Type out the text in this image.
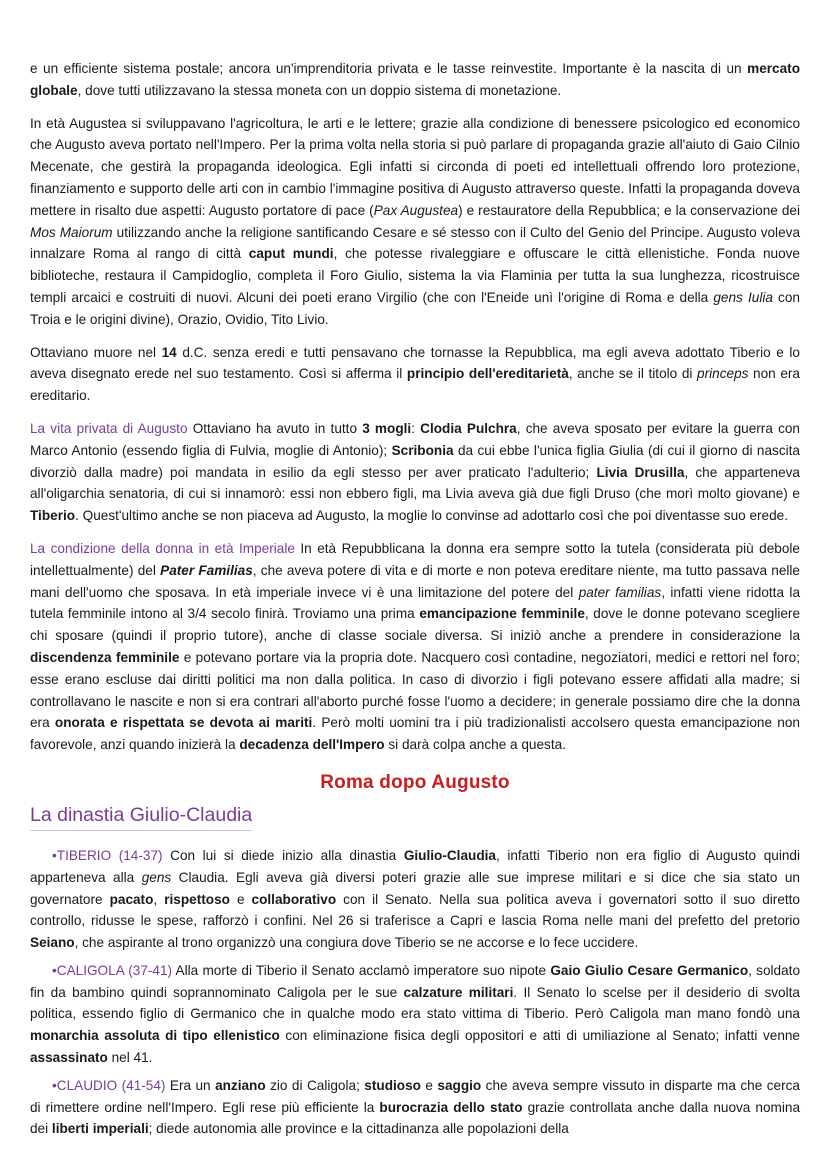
e un efficiente sistema postale; ancora un'imprenditoria privata e le tasse reinvestite. Importante è la nascita di un mercato globale, dove tutti utilizzavano la stessa moneta con un doppio sistema di monetazione.

In età Augustea si sviluppavano l'agricoltura, le arti e le lettere; grazie alla condizione di benessere psicologico ed economico che Augusto aveva portato nell'Impero. Per la prima volta nella storia si può parlare di propaganda grazie all'aiuto di Gaio Cilnio Mecenate, che gestirà la propaganda ideologica. Egli infatti si circonda di poeti ed intellettuali offrendo loro protezione, finanziamento e supporto delle arti con in cambio l'immagine positiva di Augusto attraverso queste. Infatti la propaganda doveva mettere in risalto due aspetti: Augusto portatore di pace (Pax Augustea) e restauratore della Repubblica; e la conservazione dei Mos Maiorum utilizzando anche la religione santificando Cesare e sé stesso con il Culto del Genio del Principe. Augusto voleva innalzare Roma al rango di città caput mundi, che potesse rivaleggiare e offuscare le città ellenistiche. Fonda nuove biblioteche, restaura il Campidoglio, completa il Foro Giulio, sistema la via Flaminia per tutta la sua lunghezza, ricostruisce templi arcaici e costruiti di nuovi. Alcuni dei poeti erano Virgilio (che con l'Eneide unì l'origine di Roma e della gens Iulia con Troia e le origini divine), Orazio, Ovidio, Tito Livio.

Ottaviano muore nel 14 d.C. senza eredi e tutti pensavano che tornasse la Repubblica, ma egli aveva adottato Tiberio e lo aveva disegnato erede nel suo testamento. Così si afferma il principio dell'ereditarietà, anche se il titolo di princeps non era ereditario.

La vita privata di Augusto Ottaviano ha avuto in tutto 3 mogli: Clodia Pulchra, che aveva sposato per evitare la guerra con Marco Antonio (essendo figlia di Fulvia, moglie di Antonio); Scribonia da cui ebbe l'unica figlia Giulia (di cui il giorno di nascita divorziò dalla madre) poi mandata in esilio da egli stesso per aver praticato l'adulterio; Livia Drusilla, che apparteneva all'oligarchia senatoria, di cui si innamorò: essi non ebbero figli, ma Livia aveva già due figli Druso (che morì molto giovane) e Tiberio. Quest'ultimo anche se non piaceva ad Augusto, la moglie lo convinse ad adottarlo così che poi diventasse suo erede.

La condizione della donna in età Imperiale In età Repubblicana la donna era sempre sotto la tutela (considerata più debole intellettualmente) del Pater Familias, che aveva potere di vita e di morte e non poteva ereditare niente, ma tutto passava nelle mani dell'uomo che sposava. In età imperiale invece vi è una limitazione del potere del pater familias, infatti viene ridotta la tutela femminile intono al 3/4 secolo finirà. Troviamo una prima emancipazione femminile, dove le donne potevano scegliere chi sposare (quindi il proprio tutore), anche di classe sociale diversa. Si iniziò anche a prendere in considerazione la discendenza femminile e potevano portare via la propria dote. Nacquero così contadine, negoziatori, medici e rettori nel foro; esse erano escluse dai diritti politici ma non dalla politica. In caso di divorzio i figli potevano essere affidati alla madre; si controllavano le nascite e non si era contrari all'aborto purché fosse l'uomo a decidere; in generale possiamo dire che la donna era onorata e rispettata se devota ai mariti. Però molti uomini tra i più tradizionalisti accolsero questa emancipazione non favorevole, anzi quando inizierà la decadenza dell'Impero si darà colpa anche a questa.

Roma dopo Augusto
La dinastia Giulio-Claudia

•TIBERIO (14-37) Con lui si diede inizio alla dinastia Giulio-Claudia, infatti Tiberio non era figlio di Augusto quindi apparteneva alla gens Claudia. Egli aveva già diversi poteri grazie alle sue imprese militari e si dice che sia stato un governatore pacato, rispettoso e collaborativo con il Senato. Nella sua politica aveva i governatori sotto il suo diretto controllo, ridusse le spese, rafforzò i confini. Nel 26 si traferisce a Capri e lascia Roma nelle mani del prefetto del pretorio Seiano, che aspirante al trono organizzò una congiura dove Tiberio se ne accorse e lo fece uccidere.

•CALIGOLA (37-41) Alla morte di Tiberio il Senato acclamò imperatore suo nipote Gaio Giulio Cesare Germanico, soldato fin da bambino quindi soprannominato Caligola per le sue calzature militari. Il Senato lo scelse per il desiderio di svolta politica, essendo figlio di Germanico che in qualche modo era stato vittima di Tiberio. Però Caligola man mano fondò una monarchia assoluta di tipo ellenistico con eliminazione fisica degli oppositori e atti di umiliazione al Senato; infatti venne assassinato nel 41.

•CLAUDIO (41-54) Era un anziano zio di Caligola; studioso e saggio che aveva sempre vissuto in disparte ma che cerca di rimettere ordine nell'Impero. Egli rese più efficiente la burocrazia dello stato grazie controllata anche dalla nuova nomina dei liberti imperiali; diede autonomia alle province e la cittadinanza alle popolazioni della
